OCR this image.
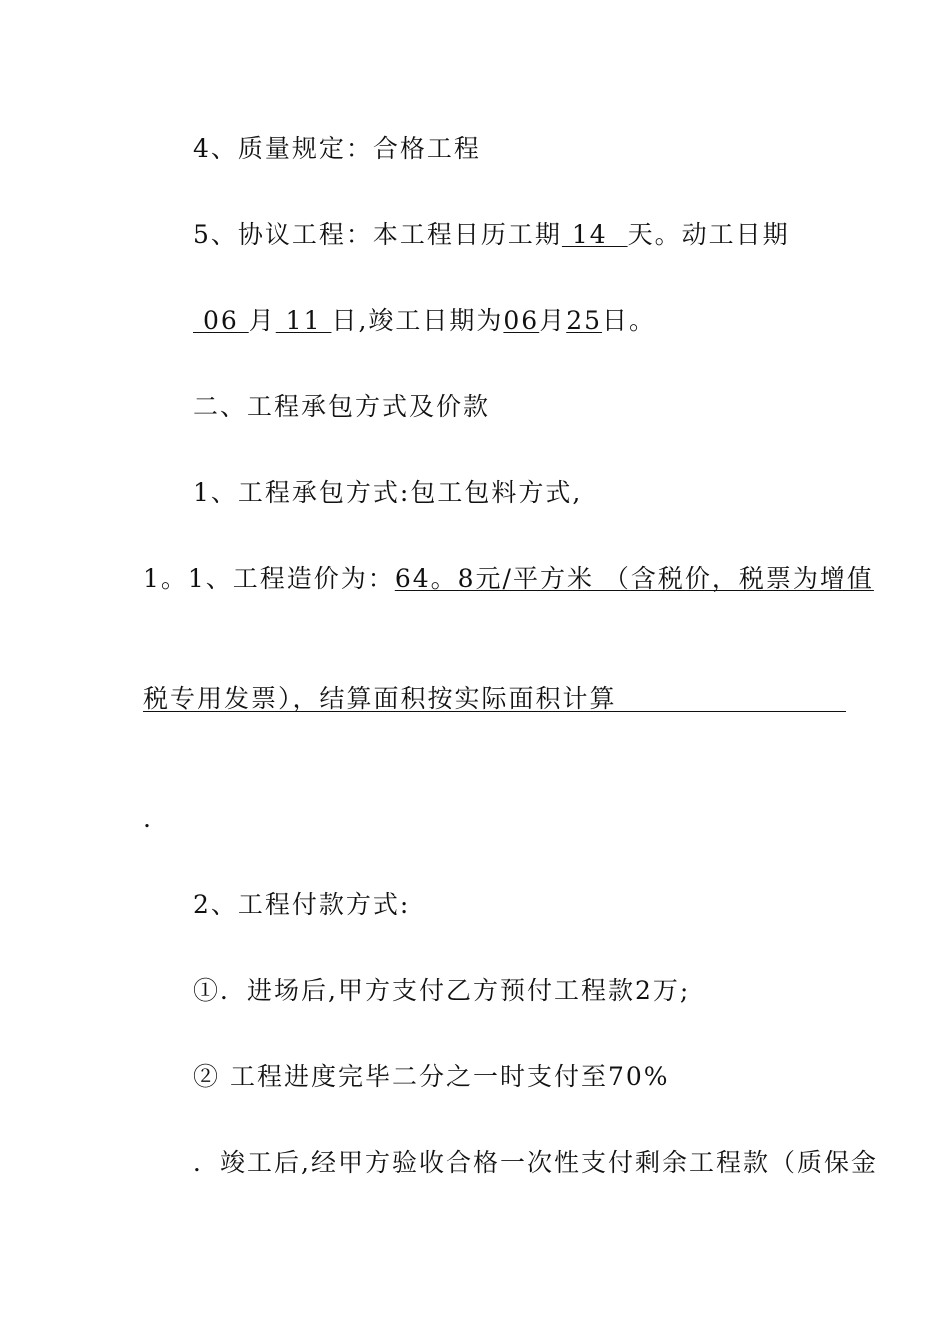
4、质量规定：合格工程
5、协议工程：本工程日历工期 14  天。动工日期
06 月 11 日,竣工日期为06月25日。
二、工程承包方式及价款
1、工程承包方式:包工包料方式,
1。1、工程造价为：64。8元/平方米 （含税价，税票为增值
税专用发票），结算面积按实际面积计算
.
2、工程付款方式:
①．进场后,甲方支付乙方预付工程款2万;
② 工程进度完毕二分之一时支付至70%
．竣工后,经甲方验收合格一次性支付剩余工程款（质保金
